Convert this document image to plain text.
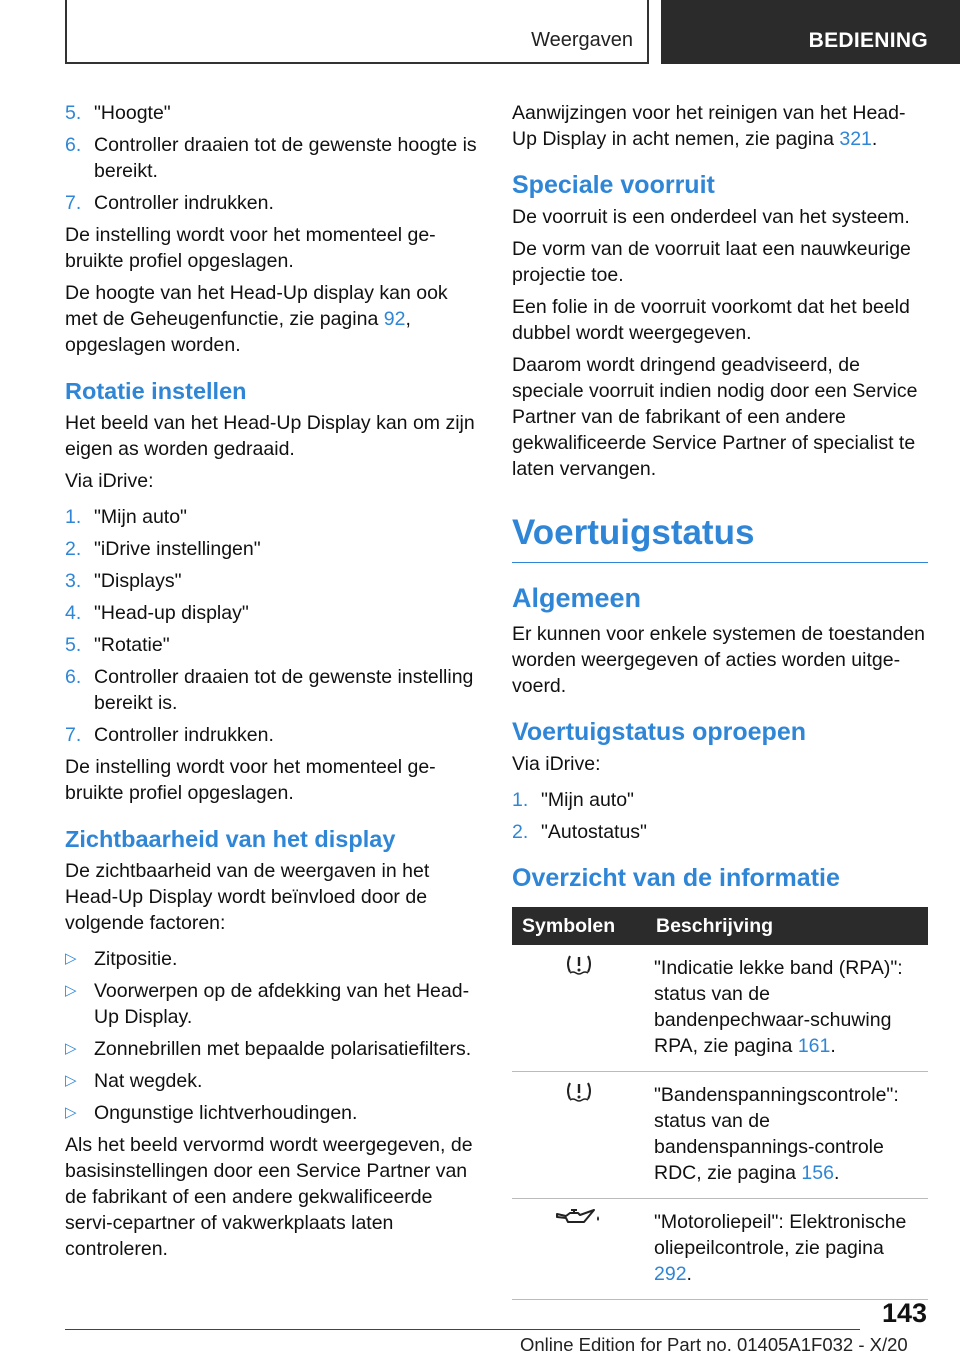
Weergaven	BEDIENING
5. "Hoogte"
6. Controller draaien tot de gewenste hoogte is bereikt.
7. Controller indrukken.

De instelling wordt voor het momenteel ge-bruikte profiel opgeslagen.

De hoogte van het Head-Up display kan ook met de Geheugenfunctie, zie pagina 92, opgeslagen worden.

Rotatie instellen

Het beeld van het Head-Up Display kan om zijn eigen as worden gedraaid.

Via iDrive:

1. "Mijn auto"
2. "iDrive instellingen"
3. "Displays"
4. "Head-up display"
5. "Rotatie"
6. Controller draaien tot de gewenste instelling bereikt is.
7. Controller indrukken.

De instelling wordt voor het momenteel ge-bruikte profiel opgeslagen.

Zichtbaarheid van het display

De zichtbaarheid van de weergaven in het Head-Up Display wordt beïnvloed door de volgende factoren:

▷ Zitpositie.
▷ Voorwerpen op de afdekking van het Head-Up Display.
▷ Zonnebrillen met bepaalde polarisatiefilters.
▷ Nat wegdek.
▷ Ongunstige lichtverhoudingen.

Als het beeld vervormd wordt weergegeven, de basisinstellingen door een Service Partner van de fabrikant of een andere gekwalificeerde servi-cepartner of vakwerkplaats laten controleren.

Aanwijzingen voor het reinigen van het Head-Up Display in acht nemen, zie pagina 321.

Speciale voorruit

De voorruit is een onderdeel van het systeem.

De vorm van de voorruit laat een nauwkeurige projectie toe.

Een folie in de voorruit voorkomt dat het beeld dubbel wordt weergegeven.

Daarom wordt dringend geadviseerd, de speciale voorruit indien nodig door een Service Partner van de fabrikant of een andere gekwalificeerde Service Partner of specialist te laten vervangen.

Voertuigstatus
Algemeen

Er kunnen voor enkele systemen de toestanden worden weergegeven of acties worden uitge-voerd.

Voertuigstatus oproepen

Via iDrive:

1. "Mijn auto"
2. "Autostatus"
Overzicht van de informatie
Symbolen	Beschrijving
	"Indicatie lekke band (RPA)": status van de bandenpechwaar-schuwing RPA, zie pagina 161.
	"Bandenspanningscontrole": status van de bandenspannings-controle RDC, zie pagina 156.
	"Motoroliepeil": Elektronische oliepeilcontrole, zie pagina 292.
143
Online Edition for Part no. 01405A1F032 - X/20
